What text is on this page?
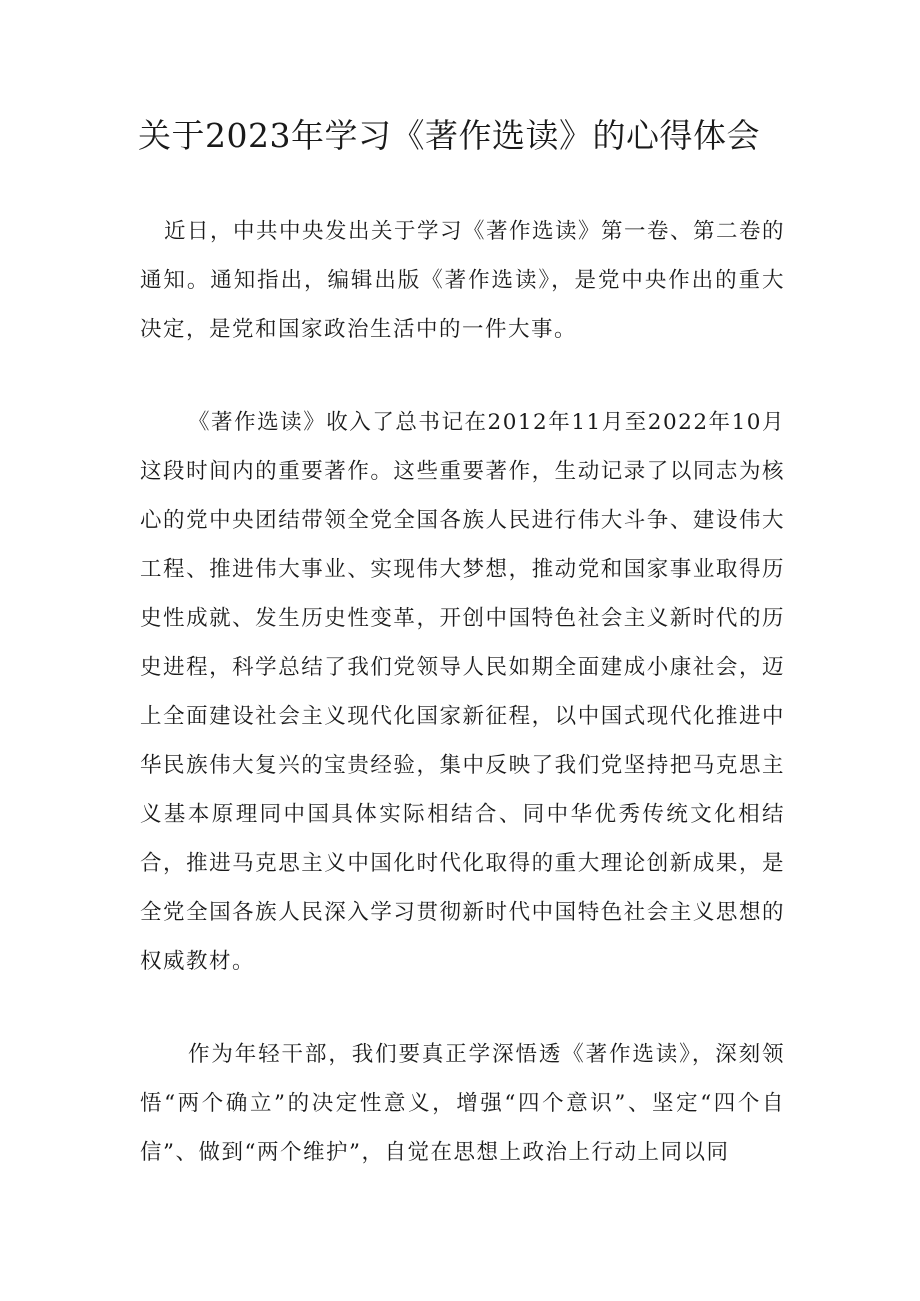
关于2023年学习《著作选读》的心得体会

近日，中共中央发出关于学习《著作选读》第一卷、第二卷的通知。通知指出，编辑出版《著作选读》，是党中央作出的重大决定，是党和国家政治生活中的一件大事。

《著作选读》收入了总书记在2012年11月至2022年10月这段时间内的重要著作。这些重要著作，生动记录了以同志为核心的党中央团结带领全党全国各族人民进行伟大斗争、建设伟大工程、推进伟大事业、实现伟大梦想，推动党和国家事业取得历史性成就、发生历史性变革，开创中国特色社会主义新时代的历史进程，科学总结了我们党领导人民如期全面建成小康社会，迈上全面建设社会主义现代化国家新征程，以中国式现代化推进中华民族伟大复兴的宝贵经验，集中反映了我们党坚持把马克思主义基本原理同中国具体实际相结合、同中华优秀传统文化相结合，推进马克思主义中国化时代化取得的重大理论创新成果，是全党全国各族人民深入学习贯彻新时代中国特色社会主义思想的权威教材。

作为年轻干部，我们要真正学深悟透《著作选读》，深刻领悟“两个确立”的决定性意义，增强“四个意识”、坚定“四个自信”、做到“两个维护”，自觉在思想上政治上行动上同以同
